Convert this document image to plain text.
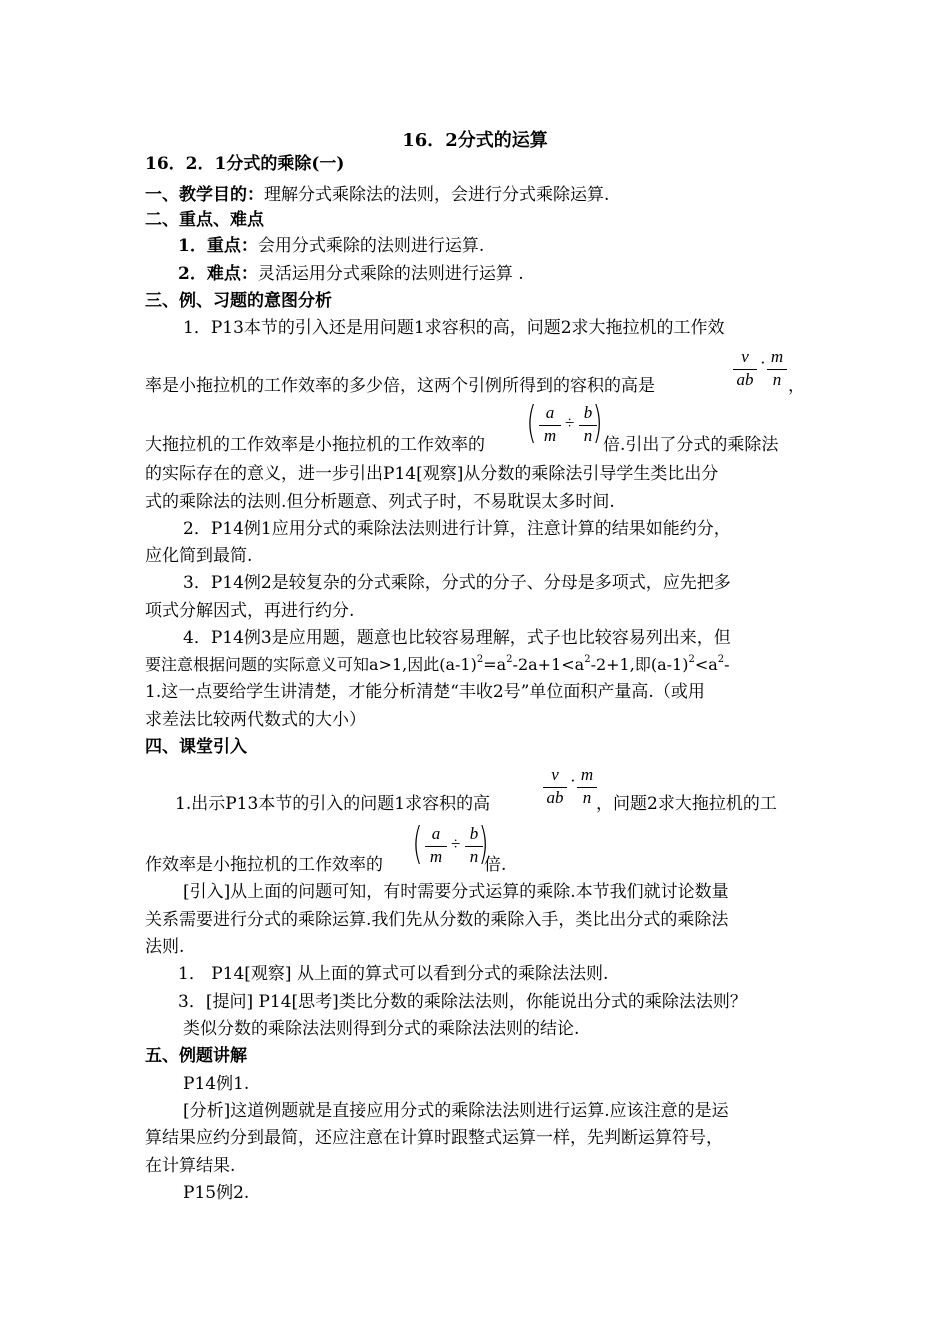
16．2分式的运算
16．2．1分式的乘除(一)
一、教学目的：理解分式乘除法的法则，会进行分式乘除运算.
二、重点、难点
1．重点：会用分式乘除的法则进行运算.
2．难点：灵活运用分式乘除的法则进行运算 .
三、例、习题的意图分析
1．P13本节的引入还是用问题1求容积的高，问题2求大拖拉机的工作效
v
ab
· m
n
率是小拖拉机的工作效率的多少倍，这两个引例所得到的容积的高是	，
( a
m
÷
b
n )
大拖拉机的工作效率是小拖拉机的工作效率的	倍.引出了分式的乘除法
的实际存在的意义，进一步引出P14[观察]从分数的乘除法引导学生类比出分
式的乘除法的法则.但分析题意、列式子时，不易耽误太多时间.
2．P14例1应用分式的乘除法法则进行计算，注意计算的结果如能约分，
应化简到最简.
3．P14例2是较复杂的分式乘除，分式的分子、分母是多项式，应先把多
项式分解因式，再进行约分.
4．P14例3是应用题，题意也比较容易理解，式子也比较容易列出来，但
要注意根据问题的实际意义可知a>1,因此$(a-1)^2=a^2-2a+1<a^2-2+1$,即$(a-1)^2<a^2-$
1.这一点要给学生讲清楚，才能分析清楚“丰收2号”单位面积产量高.（或用
求差法比较两代数式的大小）
四、课堂引入
v
ab
· m
n
1.出示P13本节的引入的问题1求容积的高	，问题2求大拖拉机的工
( a
m
÷
b
n )
作效率是小拖拉机的工作效率的	倍.
[引入]从上面的问题可知，有时需要分式运算的乘除.本节我们就讨论数量
关系需要进行分式的乘除运算.我们先从分数的乘除入手，类比出分式的乘除法
法则.
1． P14[观察] 从上面的算式可以看到分式的乘除法法则.
3．[提问] P14[思考]类比分数的乘除法法则，你能说出分式的乘除法法则？
类似分数的乘除法法则得到分式的乘除法法则的结论.
五、例题讲解
P14例1.
[分析]这道例题就是直接应用分式的乘除法法则进行运算.应该注意的是运
算结果应约分到最简，还应注意在计算时跟整式运算一样，先判断运算符号，
在计算结果.
P15例2.
